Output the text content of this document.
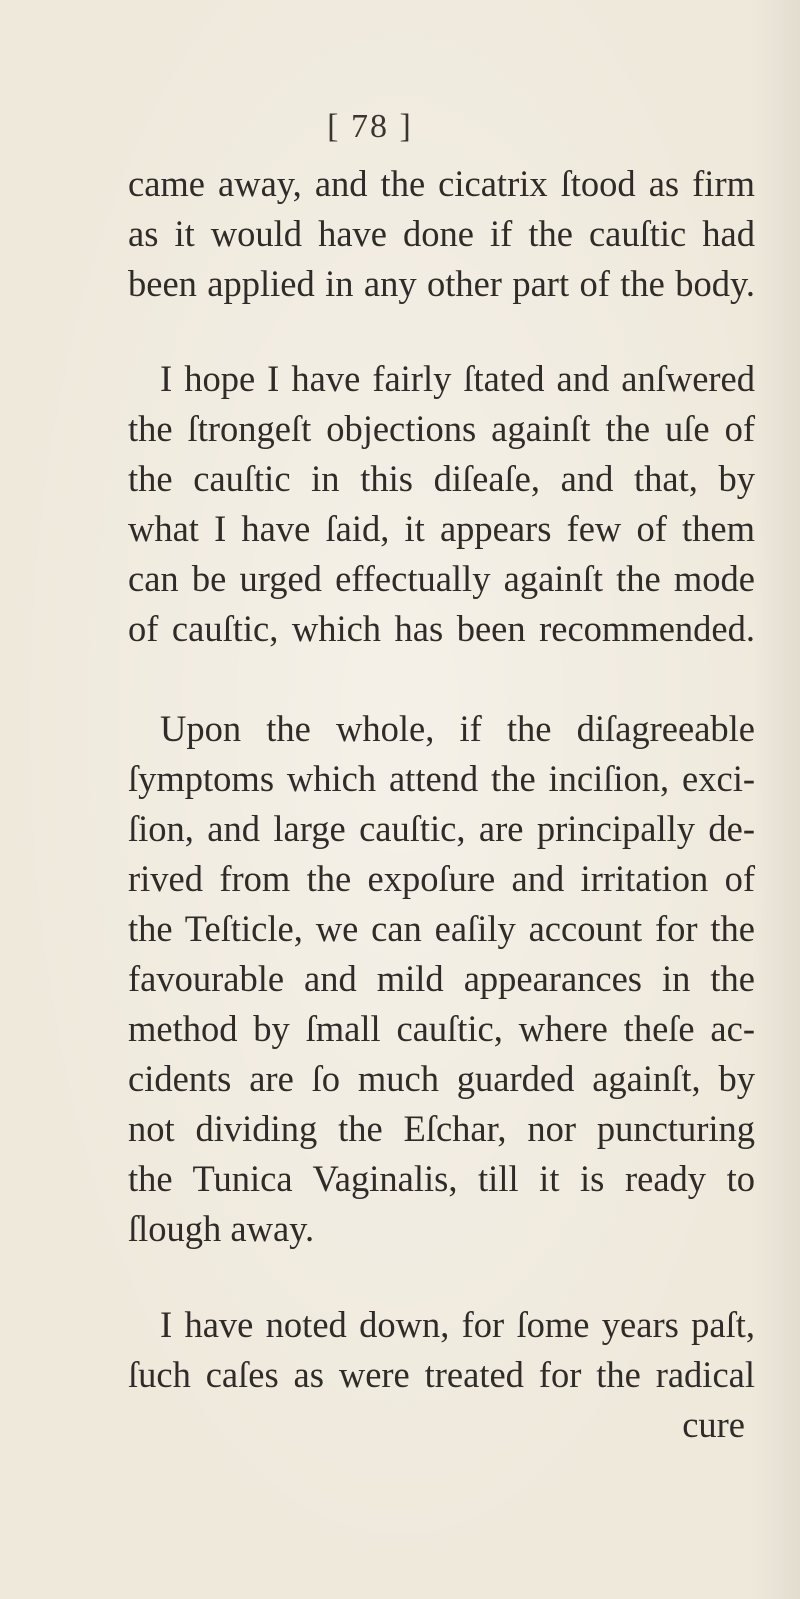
[ 78 ]
came away, and the cicatrix ſtood as firm
as it would have done if the cauſtic had
been applied in any other part of the body.
I hope I have fairly ſtated and anſwered
the ſtrongeſt objections againſt the uſe of
the cauſtic in this diſeaſe, and that, by
what I have ſaid, it appears few of them
can be urged effectually againſt the mode
of cauſtic, which has been recommended.
Upon the whole, if the diſagreeable
ſymptoms which attend the inciſion, exci-
ſion, and large cauſtic, are principally de-
rived from the expoſure and irritation of
the Teſticle, we can eaſily account for the
favourable and mild appearances in the
method by ſmall cauſtic, where theſe ac-
cidents are ſo much guarded againſt, by
not dividing the Eſchar, nor puncturing
the Tunica Vaginalis, till it is ready to
ſlough away.
I have noted down, for ſome years paſt,
ſuch caſes as were treated for the radical
cure
